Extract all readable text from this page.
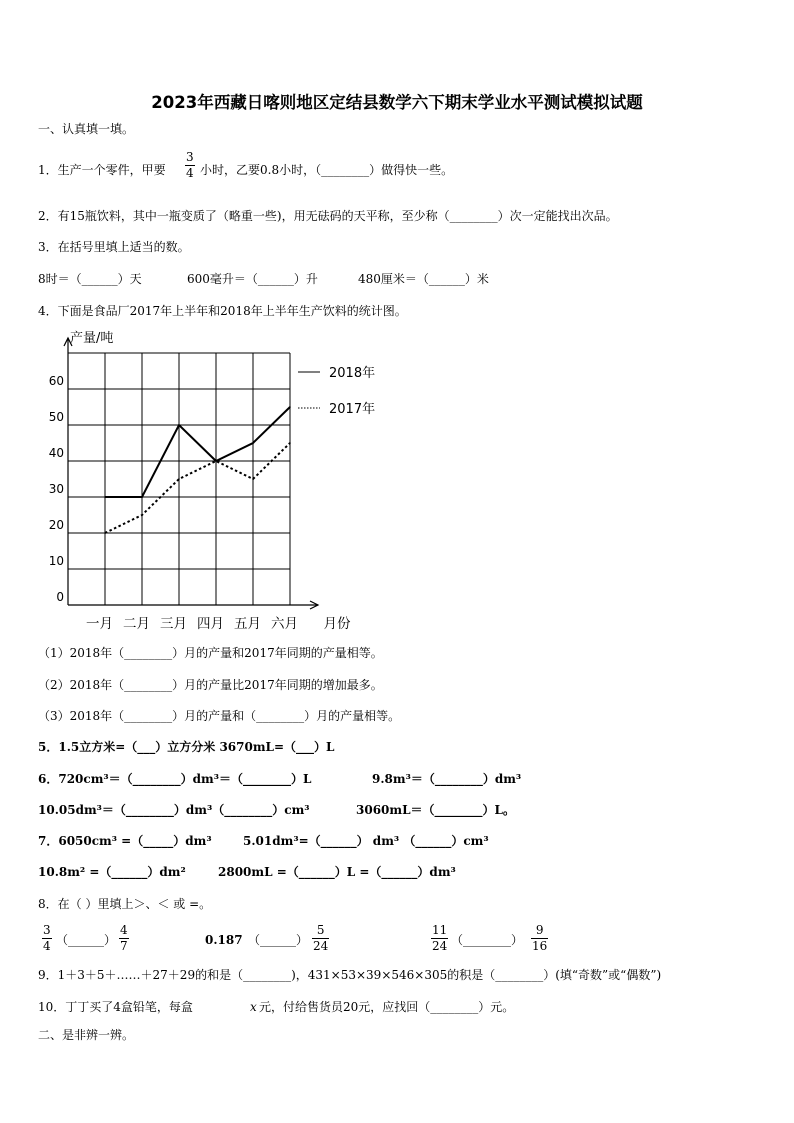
2023年西藏日喀则地区定结县数学六下期末学业水平测试模拟试题
一、认真填一填。
1．生产一个零件，甲要
3
4 小时，乙要0.8小时，（________）做得快一些。
2．有15瓶饮料，其中一瓶变质了（略重一些)，用无砝码的天平称，至少称（________）次一定能找出次品。
3．在括号里填上适当的数。
8时＝（______）天	600毫升＝（______）升	480厘米＝（______）米
4．下面是食品厂2017年上半年和2018年上半年生产饮料的统计图。
产量/吨
0
10
20
30
40
50
60
一月 二月 三月 四月 五月 六月 月份
2018年
2017年
（1）2018年（________）月的产量和2017年同期的产量相等。
（2）2018年（________）月的产量比2017年同期的增加最多。
（3）2018年（________）月的产量和（________）月的产量相等。
5．1.5立方米=（___）立方分米 3670mL=（___）L
6．720cm³＝（________）dm³＝（________）L	9.8m³＝（________）dm³
10.05dm³＝（________）dm³（________）cm³	3060mL＝（________）L。
7．6050cm³ =（_____）dm³	5.01dm³=（______） dm³ （______）cm³
10.8m² =（______）dm²	2800mL =（______）L =（______）dm³
8．在（ ）里填上＞、＜ 或 =。
3
4 （______）
4
7	0.187 （______）
5
24
11
24 （________）
9
16
9．1＋3＋5＋……＋27＋29的和是（________)，431×53×39×546×305的积是（________）(填“奇数”或“偶数”)
10．丁丁买了4盒铅笔，每盒	x 元，付给售货员20元，应找回（________）元。
二、是非辨一辨。
